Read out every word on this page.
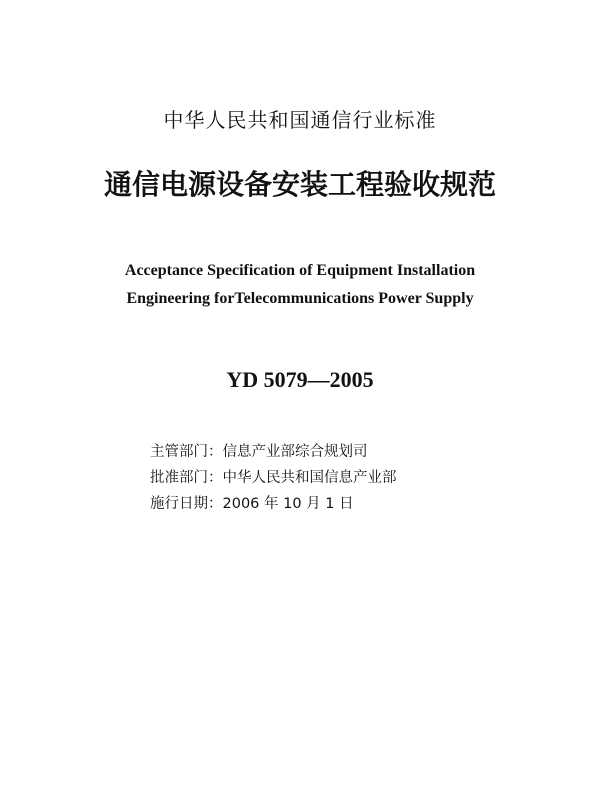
中华人民共和国通信行业标准
通信电源设备安装工程验收规范
Acceptance Specification of Equipment Installation
Engineering forTelecommunications Power Supply
YD 5079—2005
主管部门：信息产业部综合规划司
批准部门：中华人民共和国信息产业部
施行日期：2006 年 10 月 1 日
